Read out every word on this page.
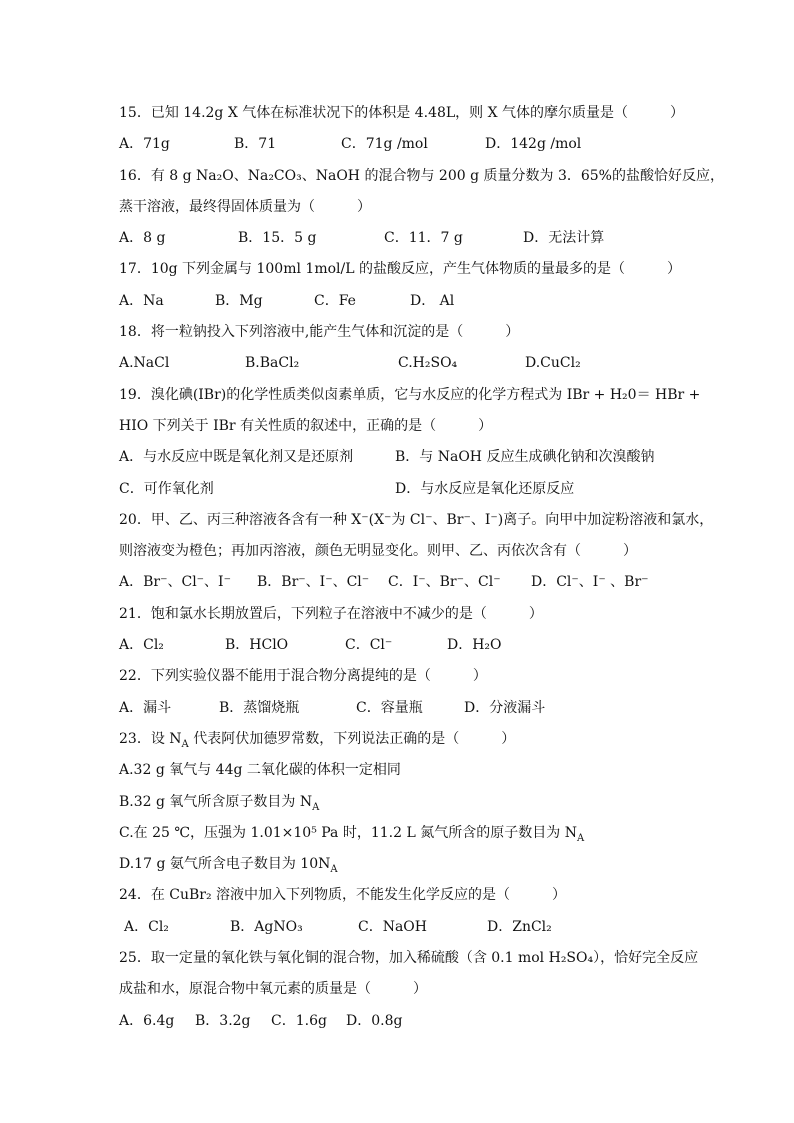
15．已知 14.2g X 气体在标准状况下的体积是 4.48L，则 X 气体的摩尔质量是（　　　）
A．71g	B．71	C．71g /mol	D．142g /mol
16．有 8 g Na₂O、Na₂CO₃、NaOH 的混合物与 200 g 质量分数为 3．65%的盐酸恰好反应，
蒸干溶液，最终得固体质量为（　　　）
A．8 g	B．15．5 g	C．11．7 g	D．无法计算
17．10g 下列金属与 100ml 1mol/L 的盐酸反应，产生气体物质的量最多的是（　　　）
A．Na	B．Mg	C．Fe	D． Al
18．将一粒钠投入下列溶液中,能产生气体和沉淀的是（　　　）
A.NaCl	B.BaCl₂	C.H₂SO₄	D.CuCl₂
19．溴化碘(IBr)的化学性质类似卤素单质，它与水反应的化学方程式为 IBr + H₂0＝ HBr +
HIO 下列关于 IBr 有关性质的叙述中，正确的是（　　　）
A．与水反应中既是氧化剂又是还原剂	B．与 NaOH 反应生成碘化钠和次溴酸钠
C．可作氧化剂	D．与水反应是氧化还原反应
20．甲、乙、丙三种溶液各含有一种 X⁻(X⁻为 Cl⁻、Br⁻、I⁻)离子。向甲中加淀粉溶液和氯水，
则溶液变为橙色；再加丙溶液，颜色无明显变化。则甲、乙、丙依次含有（　　　）
A．Br⁻、Cl⁻、I⁻	B．Br⁻、I⁻、Cl⁻	C．I⁻、Br⁻、Cl⁻	D．Cl⁻、I⁻ 、Br⁻
21．饱和氯水长期放置后，下列粒子在溶液中不减少的是（　　　）
A．Cl₂	B．HClO	C．Cl⁻	D．H₂O
22．下列实验仪器不能用于混合物分离提纯的是（　　　）
A．漏斗	B．蒸馏烧瓶	C．容量瓶	D．分液漏斗
23．设 $N_A$ 代表阿伏加德罗常数，下列说法正确的是（　　　）
A.32 g 氧气与 44g 二氧化碳的体积一定相同
B.32 g 氧气所含原子数目为 $N_A$
C.在 25 ℃，压强为 1.01×10⁵ Pa 时，11.2 L 氮气所含的原子数目为 $N_A$
D.17 g 氨气所含电子数目为 $10N_A$
24．在 CuBr₂ 溶液中加入下列物质，不能发生化学反应的是（　　　）
A．Cl₂	B．AgNO₃	C．NaOH	D．ZnCl₂
25．取一定量的氧化铁与氧化铜的混合物，加入稀硫酸（含 0.1 mol H₂SO₄），恰好完全反应
成盐和水，原混合物中氧元素的质量是（　　　）
A．6.4g	B．3.2g	C．1.6g	D．0.8g
